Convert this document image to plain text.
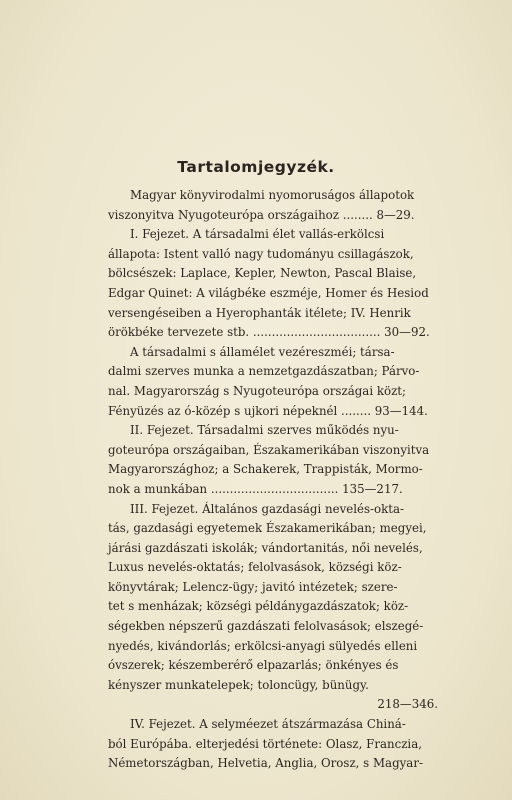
Tartalomjegyzék.
Magyar könyvirodalmi nyomoruságos állapotok
viszonyitva Nyugoteurópa országaihoz ........ 8—29.
I. Fejezet. A társadalmi élet vallás-erkölcsi
állapota: Istent valló nagy tudományu csillagászok,
bölcsészek: Laplace, Kepler, Newton, Pascal Blaise,
Edgar Quinet: A világbéke eszméje, Homer és Hesiod
versengéseiben a Hyerophanták itélete; IV. Henrik
örökbéke tervezete stb. .................................. 30—92.
A társadalmi s államélet vezéreszméi; társa-
dalmi szerves munka a nemzetgazdászatban; Párvo-
nal. Magyarország s Nyugoteurópa országai közt;
Fényüzés az ó-közép s ujkori népeknél ........ 93—144.
II. Fejezet. Társadalmi szerves működés nyu-
goteurópa országaiban, Északamerikában viszonyitva
Magyarországhoz; a Schakerek, Trappisták, Mormo-
nok a munkában .................................. 135—217.
III. Fejezet. Általános gazdasági nevelés-okta-
tás, gazdasági egyetemek Északamerikában; megyei,
járási gazdászati iskolák; vándortanitás, női nevelés,
Luxus nevelés-oktatás; felolvasások, községi köz-
könyvtárak; Lelencz-ügy; javitó intézetek; szere-
tet s menházak; községi példánygazdászatok; köz-
ségekben népszerű gazdászati felolvasások; elszegé-
nyedés, kivándorlás; erkölcsi-anyagi sülyedés elleni
óvszerek; készemberérő elpazarlás; önkényes és
kényszer munkatelepek; toloncügy, bünügy.
218—346.
IV. Fejezet. A selyméezet átszármazása Chiná-
ból Európába. elterjedési története: Olasz, Franczia,
Németországban, Helvetia, Anglia, Orosz, s Magyar-
